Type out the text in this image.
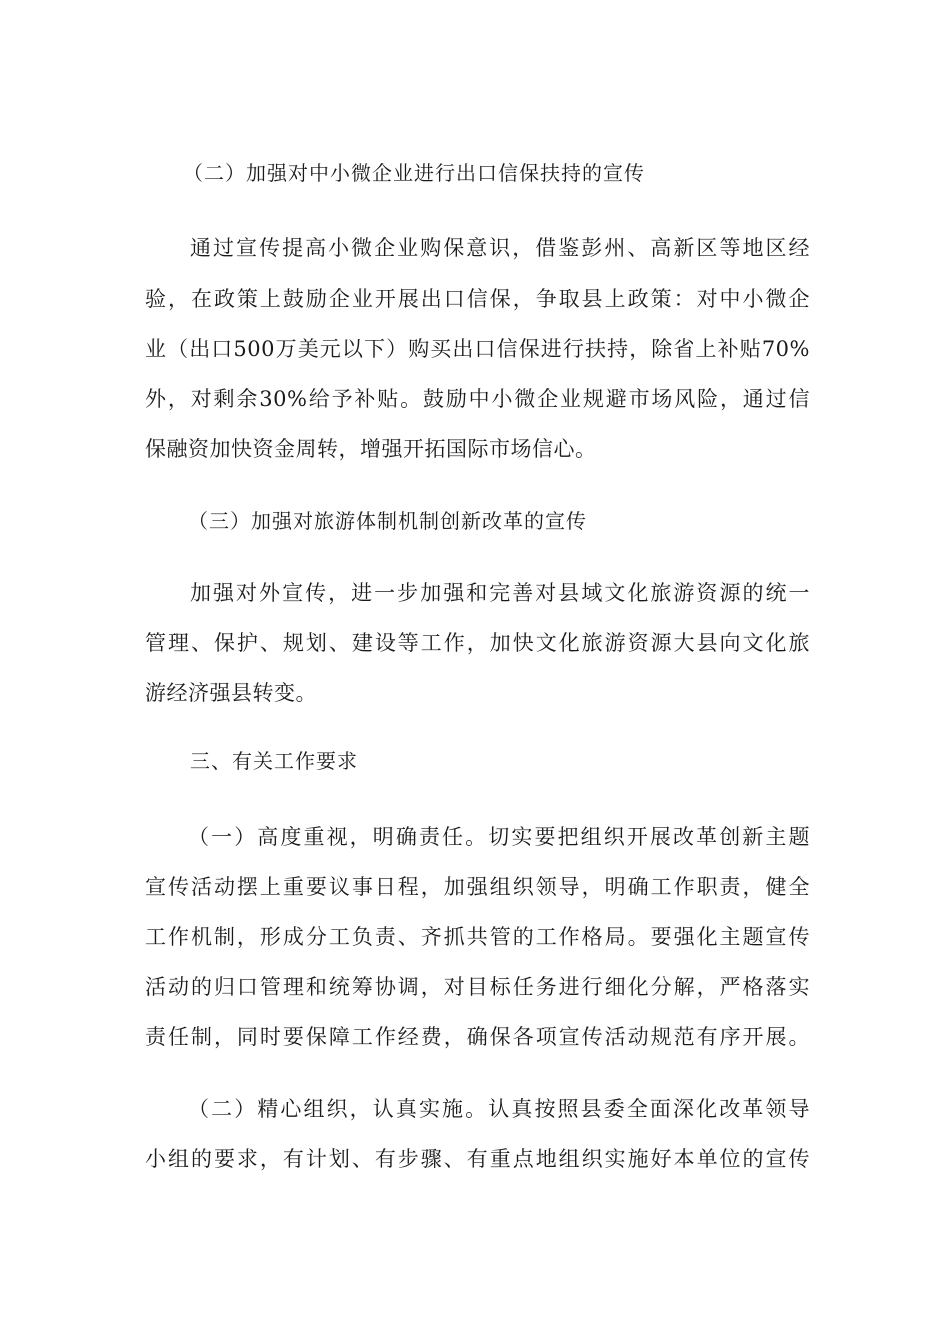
（二）加强对中小微企业进行出口信保扶持的宣传
通过宣传提高小微企业购保意识，借鉴彭州、高新区等地区经
验，在政策上鼓励企业开展出口信保，争取县上政策：对中小微企
业（出口500万美元以下）购买出口信保进行扶持，除省上补贴70%
外，对剩余30%给予补贴。鼓励中小微企业规避市场风险，通过信
保融资加快资金周转，增强开拓国际市场信心。
（三）加强对旅游体制机制创新改革的宣传
加强对外宣传，进一步加强和完善对县域文化旅游资源的统一
管理、保护、规划、建设等工作，加快文化旅游资源大县向文化旅
游经济强县转变。
三、有关工作要求
（一）高度重视，明确责任。切实要把组织开展改革创新主题
宣传活动摆上重要议事日程，加强组织领导，明确工作职责，健全
工作机制，形成分工负责、齐抓共管的工作格局。要强化主题宣传
活动的归口管理和统筹协调，对目标任务进行细化分解，严格落实
责任制，同时要保障工作经费，确保各项宣传活动规范有序开展。
（二）精心组织，认真实施。认真按照县委全面深化改革领导
小组的要求，有计划、有步骤、有重点地组织实施好本单位的宣传
